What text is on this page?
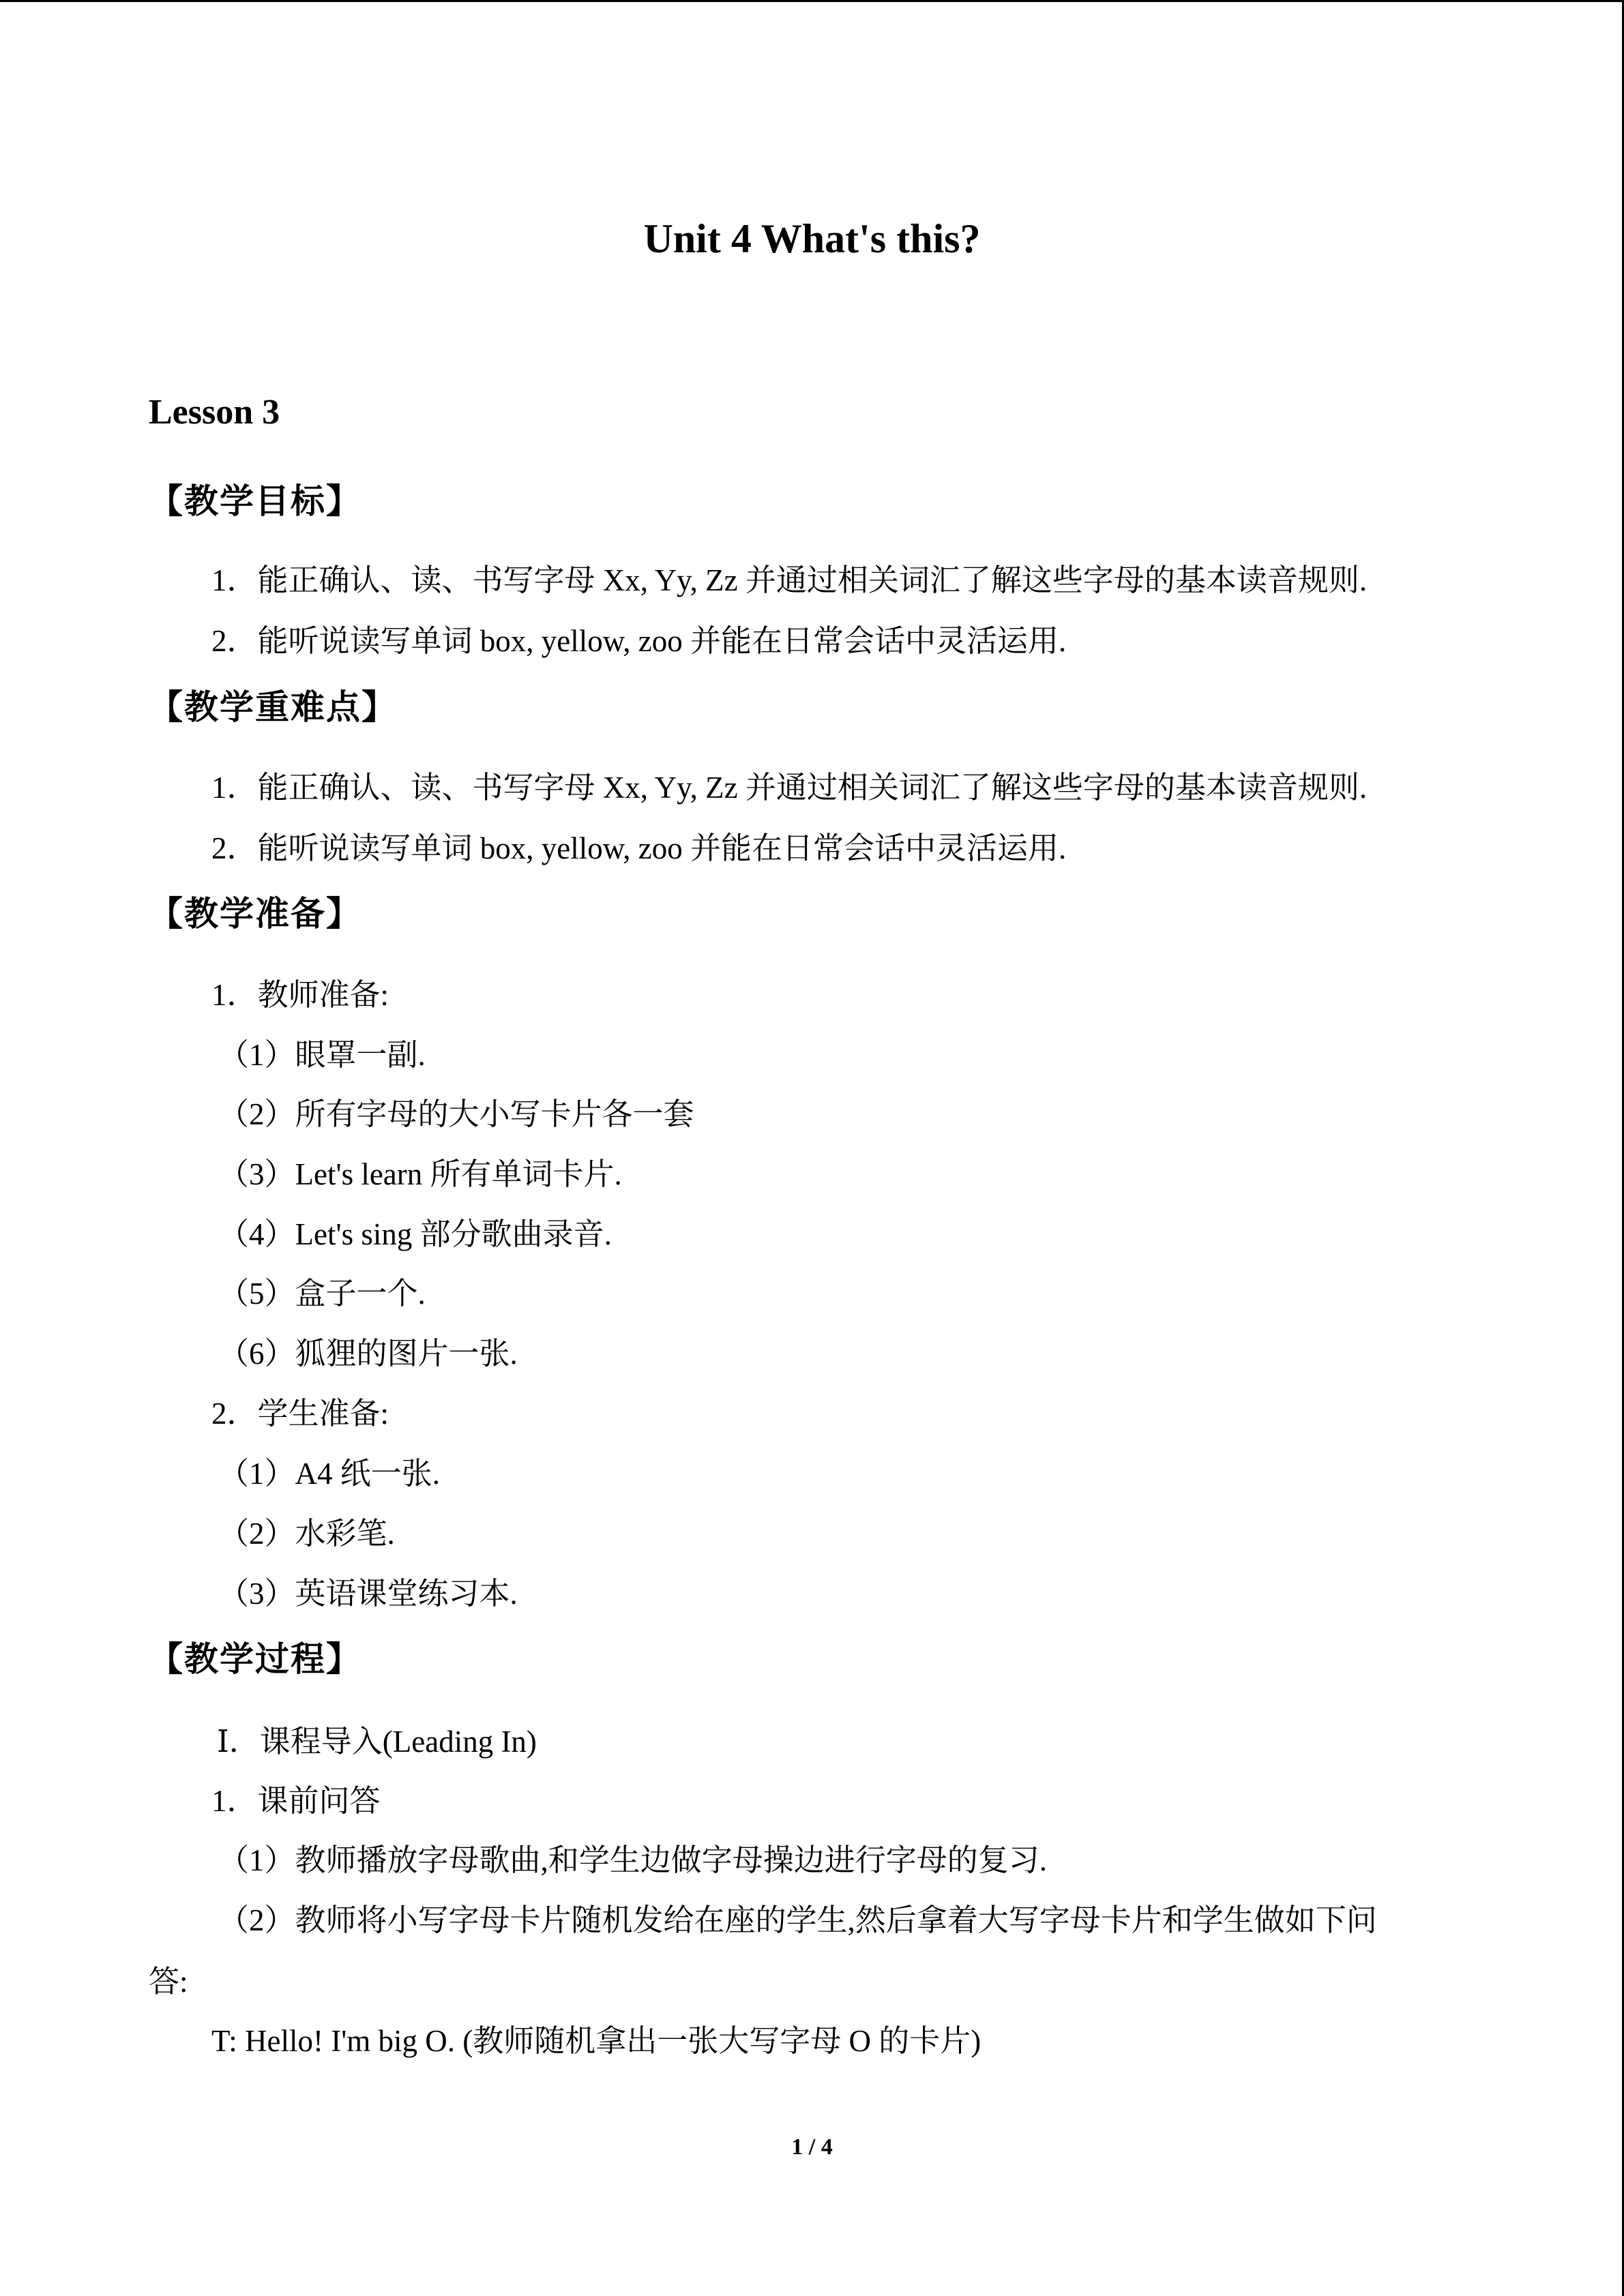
Unit 4 What's this?
Lesson 3
【教学目标】
1．能正确认、读、书写字母 Xx, Yy, Zz 并通过相关词汇了解这些字母的基本读音规则.
2．能听说读写单词 box, yellow, zoo 并能在日常会话中灵活运用.
【教学重难点】
1．能正确认、读、书写字母 Xx, Yy, Zz 并通过相关词汇了解这些字母的基本读音规则.
2．能听说读写单词 box, yellow, zoo 并能在日常会话中灵活运用.
【教学准备】
1．教师准备:
（1）眼罩一副.
（2）所有字母的大小写卡片各一套
（3）Let's learn 所有单词卡片.
（4）Let's sing 部分歌曲录音.
（5）盒子一个.
（6）狐狸的图片一张.
2．学生准备:
（1）A4 纸一张.
（2）水彩笔.
（3）英语课堂练习本.
【教学过程】
Ⅰ．课程导入(Leading In)
1．课前问答
（1）教师播放字母歌曲,和学生边做字母操边进行字母的复习.
（2）教师将小写字母卡片随机发给在座的学生,然后拿着大写字母卡片和学生做如下问
答:
T: Hello! I'm big O. (教师随机拿出一张大写字母 O 的卡片)
1 / 4
